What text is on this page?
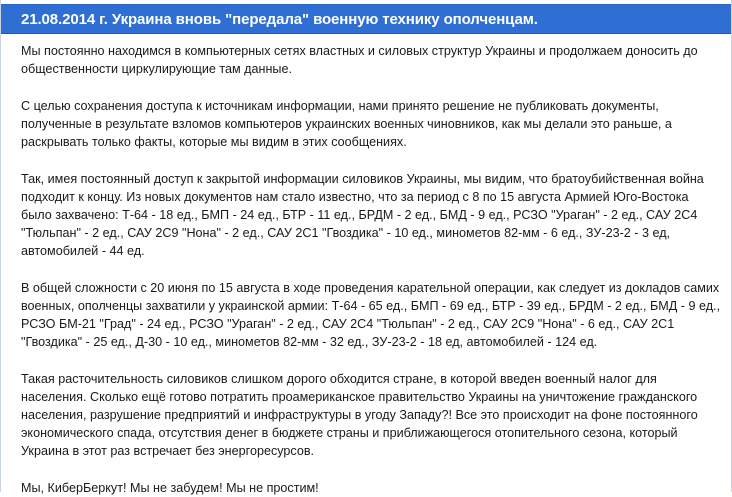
21.08.2014 г. Украина вновь "передала" военную технику ополченцам.

Мы постоянно находимся в компьютерных сетях властных и силовых структур Украины и продолжаем доносить до общественности циркулирующие там данные.

С целью сохранения доступа к источникам информации, нами принято решение не публиковать документы, полученные в результате взломов компьютеров украинских военных чиновников, как мы делали это раньше, а раскрывать только факты, которые мы видим в этих сообщениях.

Так, имея постоянный доступ к закрытой информации силовиков Украины, мы видим, что братоубийственная война подходит к концу. Из новых документов нам стало известно, что за период с 8 по 15 августа Армией Юго-Востока было захвачено: Т-64 - 18 ед., БМП - 24 ед., БТР - 11 ед., БРДМ - 2 ед., БМД - 9 ед., РСЗО "Ураган" - 2 ед., САУ 2С4 "Тюльпан" - 2 ед., САУ 2С9 "Нона" - 2 ед., САУ 2С1 "Гвоздика" - 10 ед., минометов 82-мм - 6 ед., ЗУ-23-2 - 3 ед, автомобилей - 44 ед.

В общей сложности с 20 июня по 15 августа в ходе проведения карательной операции, как следует из докладов самих военных, ополченцы захватили у украинской армии: Т-64 - 65 ед., БМП - 69 ед., БТР - 39 ед., БРДМ - 2 ед., БМД - 9 ед., РСЗО БМ-21 "Град" - 24 ед., РСЗО "Ураган" - 2 ед., САУ 2С4 "Тюльпан" - 2 ед., САУ 2С9 "Нона" - 6 ед., САУ 2С1 "Гвоздика" - 25 ед., Д-30 - 10 ед., минометов 82-мм - 32 ед., ЗУ-23-2 - 18 ед, автомобилей - 124 ед.

Такая расточительность силовиков слишком дорого обходится стране, в которой введен военный налог для населения. Сколько ещё готово потратить проамериканское правительство Украины на уничтожение гражданского населения, разрушение предприятий и инфраструктуры в угоду Западу?! Все это происходит на фоне постоянного экономического спада, отсутствия денег в бюджете страны и приближающегося отопительного сезона, который Украина в этот раз встречает без энергоресурсов.

Мы, КиберБеркут! Мы не забудем! Мы не простим!
